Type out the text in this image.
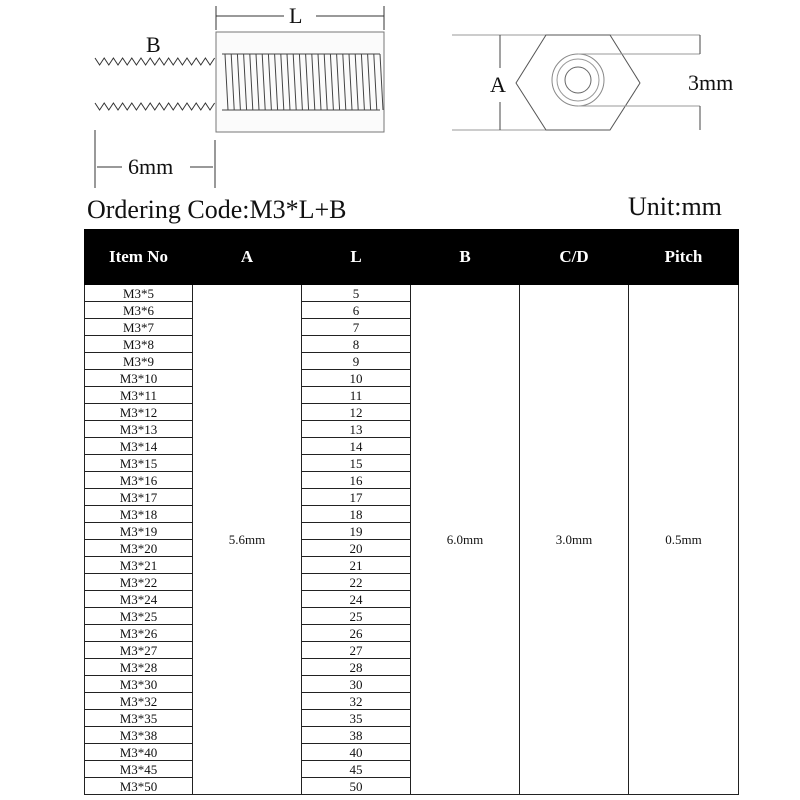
L
B
6mm
A	3mm
Ordering Code:M3*L+B	Unit:mm
Item No	A	L	B	C/D	Pitch
M3*5	5.6mm	5	6.0mm	3.0mm	0.5mm
M3*6		6			
M3*7		7			
M3*8		8			
M3*9		9			
M3*10		10			
M3*11		11			
M3*12		12			
M3*13		13			
M3*14		14			
M3*15		15			
M3*16		16			
M3*17		17			
M3*18		18			
M3*19		19			
M3*20		20			
M3*21		21			
M3*22		22			
M3*24		24			
M3*25		25			
M3*26		26			
M3*27		27			
M3*28		28			
M3*30		30			
M3*32		32			
M3*35		35			
M3*38		38			
M3*40		40			
M3*45		45			
M3*50		50			
